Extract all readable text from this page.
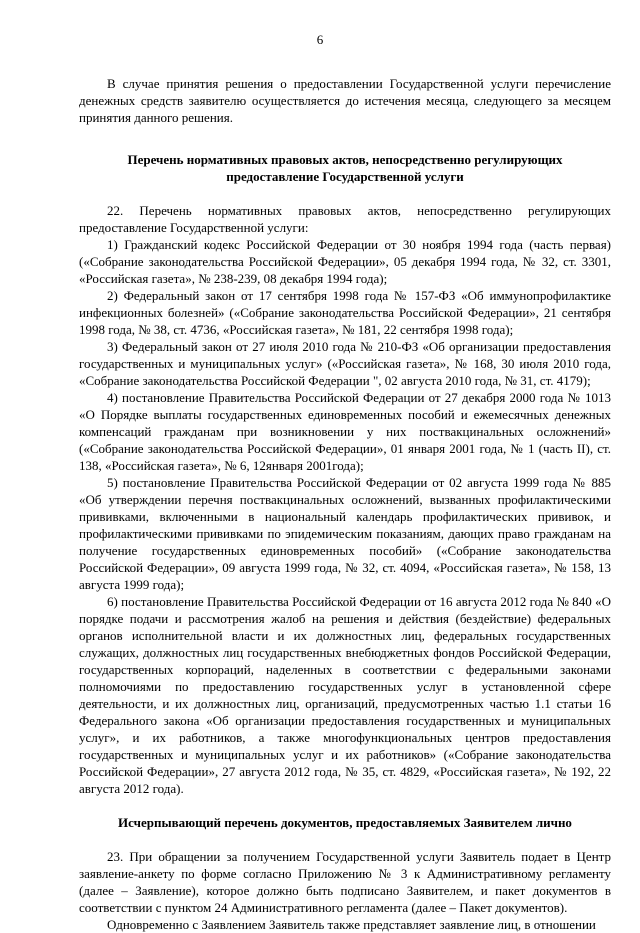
6

В случае принятия решения о предоставлении Государственной услуги перечисление денежных средств заявителю осуществляется до истечения месяца, следующего за месяцем принятия данного решения.

Перечень нормативных правовых актов, непосредственно регулирующих предоставление Государственной услуги

22. Перечень нормативных правовых актов, непосредственно регулирующих предоставление Государственной услуги:

1) Гражданский кодекс Российской Федерации от 30 ноября 1994 года (часть первая) («Собрание законодательства Российской Федерации», 05 декабря 1994 года, № 32, ст. 3301, «Российская газета», № 238-239, 08 декабря 1994 года);

2) Федеральный закон от 17 сентября 1998 года № 157-ФЗ «Об иммунопрофилактике инфекционных болезней» («Собрание законодательства Российской Федерации», 21 сентября 1998 года, № 38, ст. 4736, «Российская газета», № 181, 22 сентября 1998 года);

3) Федеральный закон от 27 июля 2010 года № 210-ФЗ «Об организации предоставления государственных и муниципальных услуг» («Российская газета», № 168, 30 июля 2010 года, «Собрание законодательства Российской Федерации ", 02 августа 2010 года, № 31, ст. 4179);

4) постановление Правительства Российской Федерации от 27 декабря 2000 года № 1013 «О Порядке выплаты государственных единовременных пособий и ежемесячных денежных компенсаций гражданам при возникновении у них поствакцинальных осложнений» («Собрание законодательства Российской Федерации», 01 января 2001 года, № 1 (часть II), ст. 138, «Российская газета», № 6, 12января 2001года);

5) постановление Правительства Российской Федерации от 02 августа 1999 года № 885 «Об утверждении перечня поствакцинальных осложнений, вызванных профилактическими прививками, включенными в национальный календарь профилактических прививок, и профилактическими прививками по эпидемическим показаниям, дающих право гражданам на получение государственных единовременных пособий» («Собрание законодательства Российской Федерации», 09 августа 1999 года, № 32, ст. 4094, «Российская газета», № 158, 13 августа 1999 года);

6) постановление Правительства Российской Федерации от 16 августа 2012 года № 840 «О порядке подачи и рассмотрения жалоб на решения и действия (бездействие) федеральных органов исполнительной власти и их должностных лиц, федеральных государственных служащих, должностных лиц государственных внебюджетных фондов Российской Федерации, государственных корпораций, наделенных в соответствии с федеральными законами полномочиями по предоставлению государственных услуг в установленной сфере деятельности, и их должностных лиц, организаций, предусмотренных частью 1.1 статьи 16 Федерального закона «Об организации предоставления государственных и муниципальных услуг», и их работников, а также многофункциональных центров предоставления государственных и муниципальных услуг и их работников» («Собрание законодательства Российской Федерации», 27 августа 2012 года, № 35, ст. 4829, «Российская газета», № 192, 22 августа 2012 года).

Исчерпывающий перечень документов, предоставляемых Заявителем лично

23. При обращении за получением Государственной услуги Заявитель подает в Центр заявление-анкету по форме согласно Приложению № 3 к Административному регламенту (далее – Заявление), которое должно быть подписано Заявителем, и пакет документов в соответствии с пунктом 24 Административного регламента (далее – Пакет документов).

Одновременно с Заявлением Заявитель также представляет заявление лиц, в отношении
